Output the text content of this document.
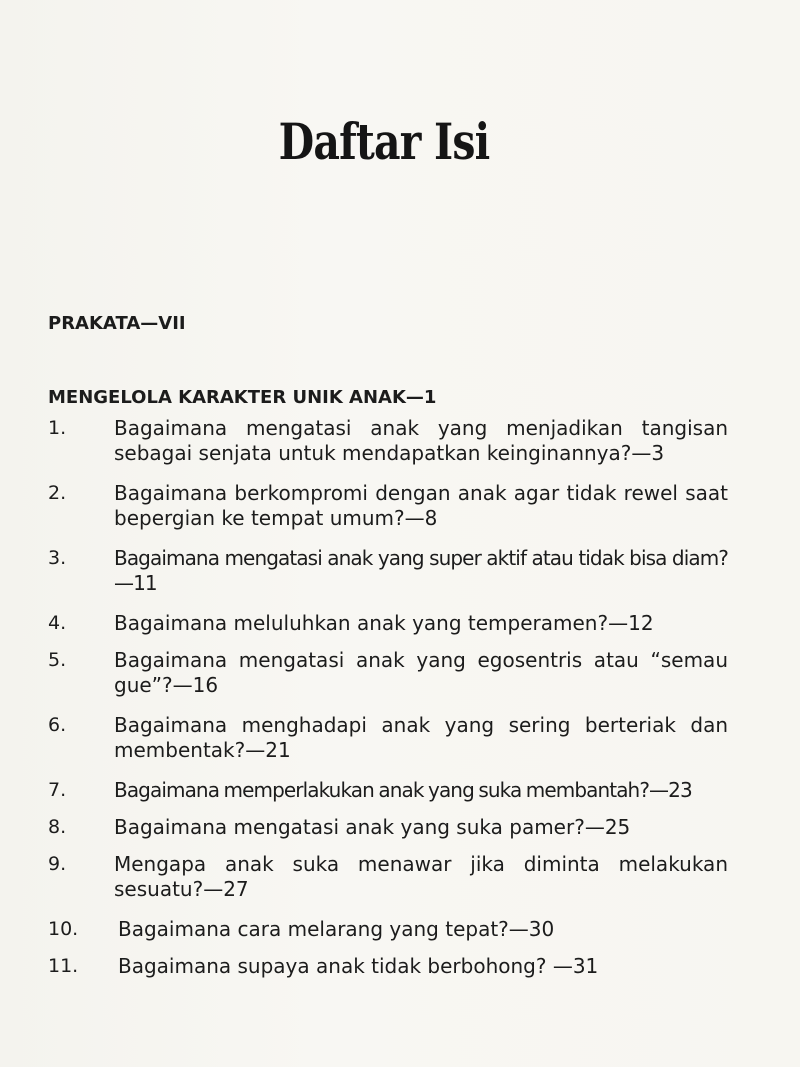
Daftar Isi
PRAKATA—VII
MENGELOLA KARAKTER UNIK ANAK—1
1.	Bagaimana mengatasi anak yang menjadikan tangisan sebagai senjata untuk mendapatkan keinginannya?—3
2.	Bagaimana berkompromi dengan anak agar tidak rewel saat bepergian ke tempat umum?—8
3.	Bagaimana mengatasi anak yang super aktif atau tidak bisa diam?—11
4.	Bagaimana meluluhkan anak yang temperamen?—12
5.	Bagaimana mengatasi anak yang egosentris atau “semau gue”?—16
6.	Bagaimana menghadapi anak yang sering berteriak dan membentak?—21
7.	Bagaimana memperlakukan anak yang suka membantah?—23
8.	Bagaimana mengatasi anak yang suka pamer?—25
9.	Mengapa anak suka menawar jika diminta melakukan sesuatu?—27
10.	Bagaimana cara melarang yang tepat?—30
11.	Bagaimana supaya anak tidak berbohong? —31
